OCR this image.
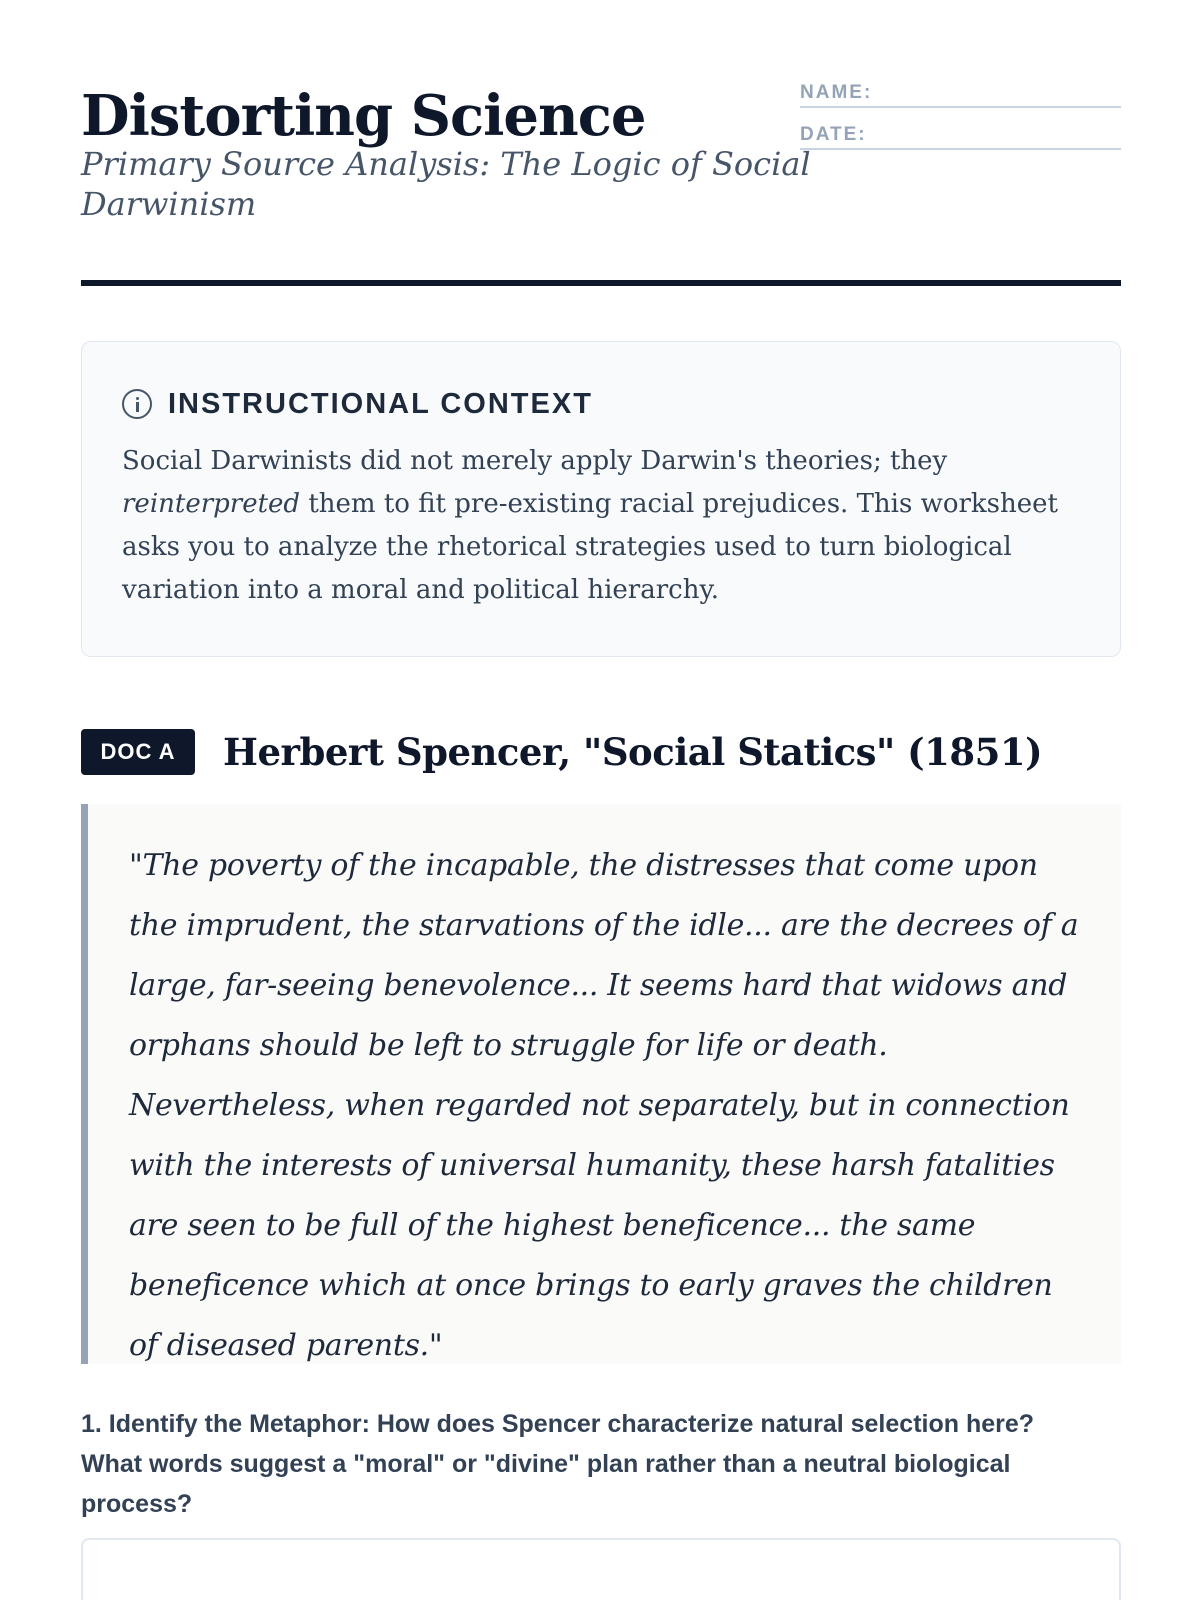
Distorting Science
Primary Source Analysis: The Logic of Social Darwinism
NAME:
DATE:
INSTRUCTIONAL CONTEXT

Social Darwinists did not merely apply Darwin's theories; they reinterpreted them to fit pre-existing racial prejudices. This worksheet asks you to analyze the rhetorical strategies used to turn biological variation into a moral and political hierarchy.

DOC A	Herbert Spencer, "Social Statics" (1851)

"The poverty of the incapable, the distresses that come upon the imprudent, the starvations of the idle... are the decrees of a large, far-seeing benevolence... It seems hard that widows and orphans should be left to struggle for life or death. Nevertheless, when regarded not separately, but in connection with the interests of universal humanity, these harsh fatalities are seen to be full of the highest beneficence... the same beneficence which at once brings to early graves the children of diseased parents."

1. Identify the Metaphor: How does Spencer characterize natural selection here? What words suggest a "moral" or "divine" plan rather than a neutral biological process?
